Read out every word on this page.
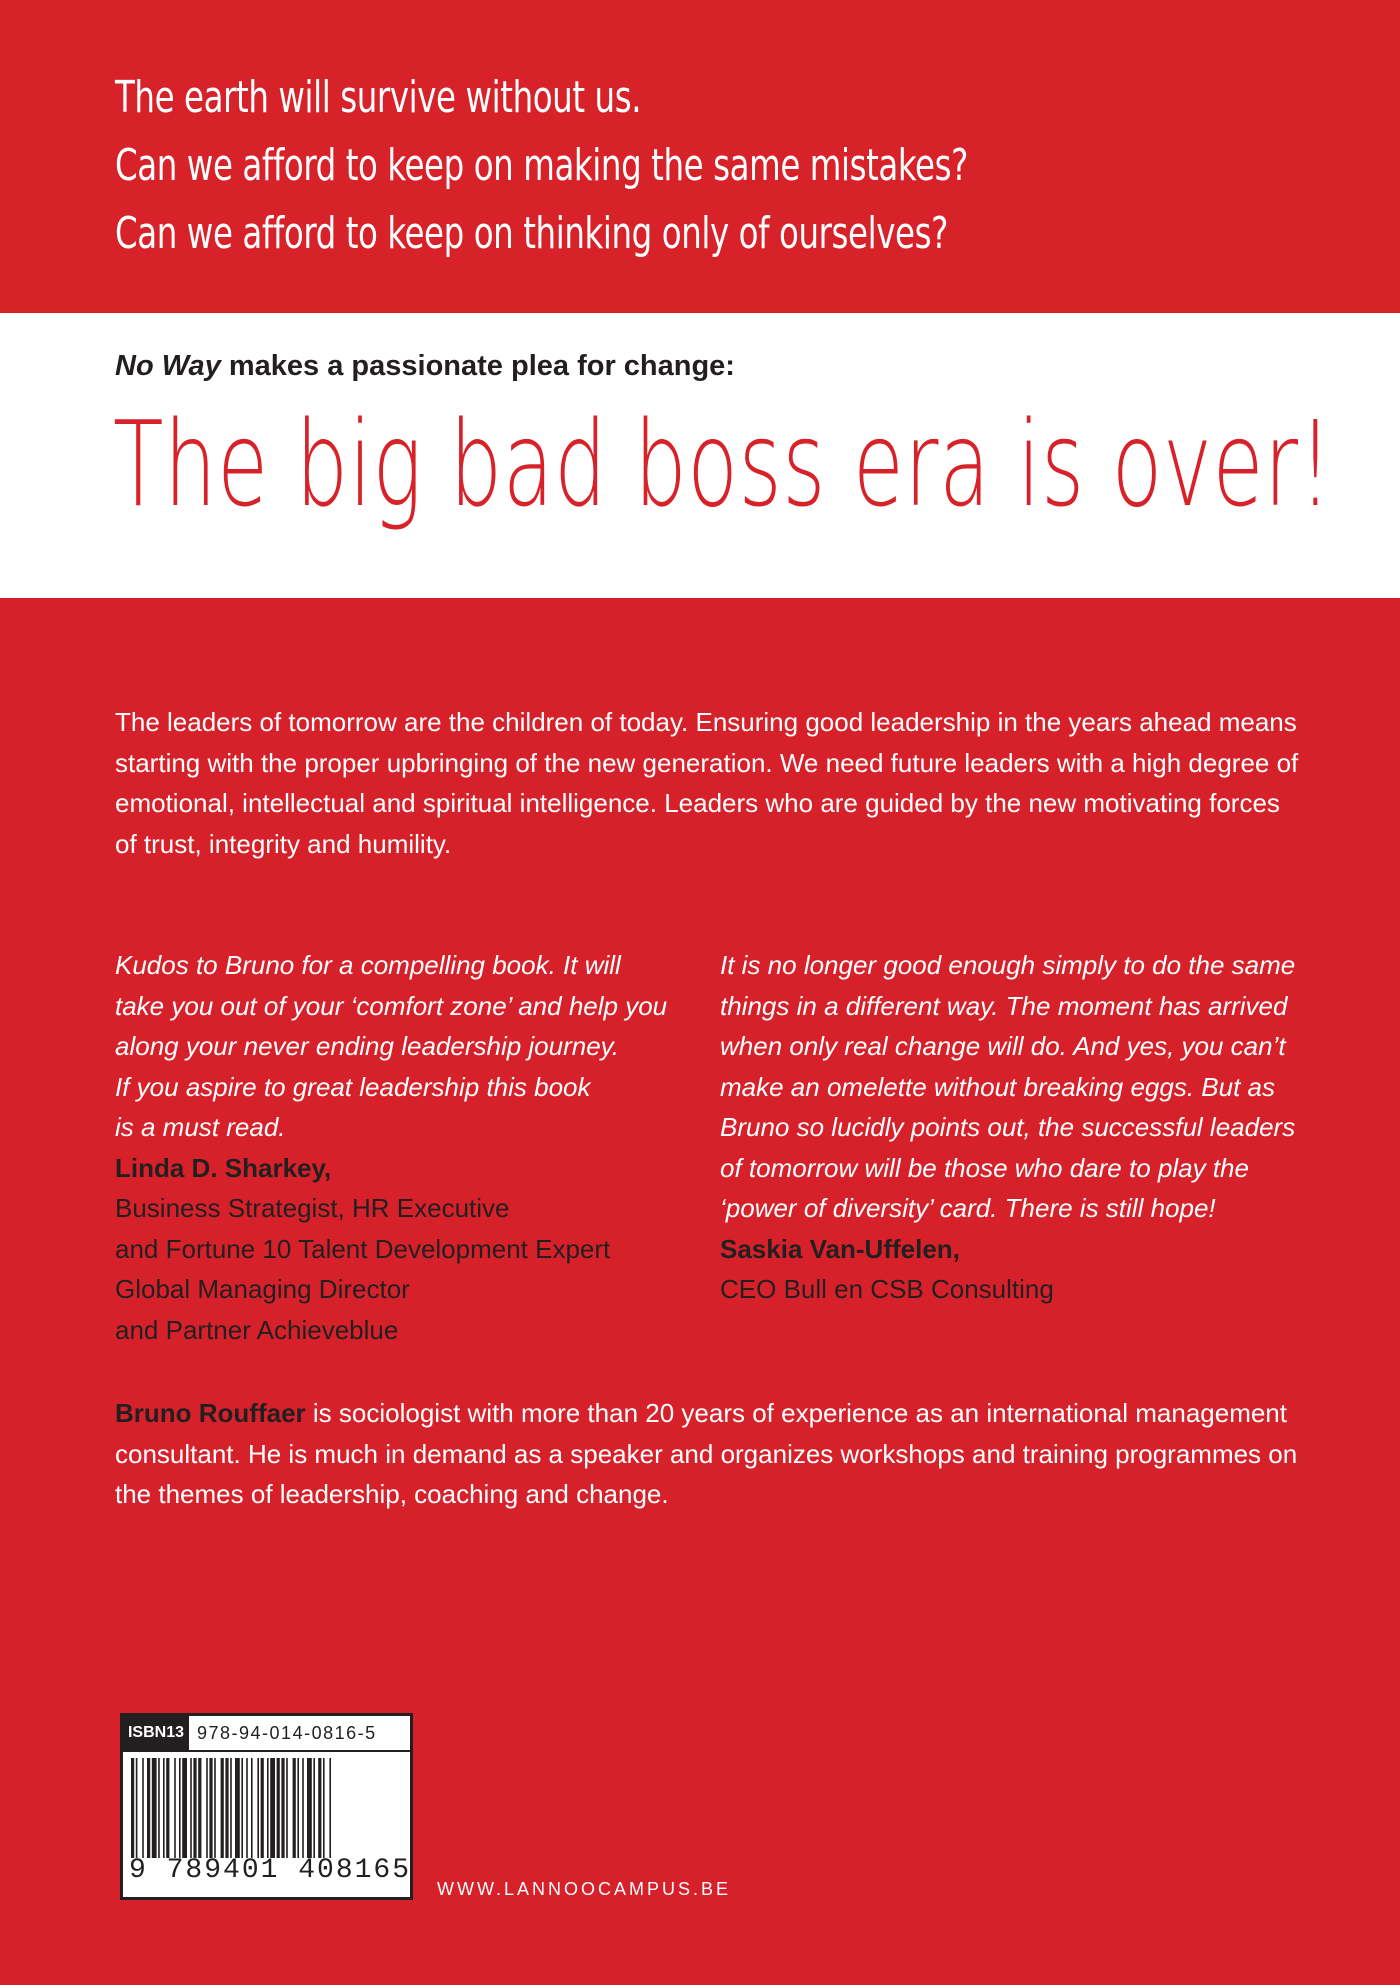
The earth will survive without us.
Can we afford to keep on making the same mistakes?
Can we afford to keep on thinking only of ourselves?
No Way makes a passionate plea for change:
The big bad boss era is over!
The leaders of tomorrow are the children of today. Ensuring good leadership in the years ahead means starting with the proper upbringing of the new generation. We need future leaders with a high degree of emotional, intellectual and spiritual intelligence. Leaders who are guided by the new motivating forces of trust, integrity and humility.
Kudos to Bruno for a compelling book. It will
take you out of your ‘comfort zone’ and help you
along your never ending leadership journey.
If you aspire to great leadership this book
is a must read.
Linda D. Sharkey,
Business Strategist, HR Executive
and Fortune 10 Talent Development Expert
Global Managing Director
and Partner Achieveblue
It is no longer good enough simply to do the same
things in a different way. The moment has arrived
when only real change will do. And yes, you can’t
make an omelette without breaking eggs. But as
Bruno so lucidly points out, the successful leaders
of tomorrow will be those who dare to play the
‘power of diversity’ card. There is still hope!
Saskia Van-Uffelen,
CEO Bull en CSB Consulting
Bruno Rouffaer is sociologist with more than 20 years of experience as an international management consultant. He is much in demand as a speaker and organizes workshops and training programmes on the themes of leadership, coaching and change.
ISBN13 978-94-014-0816-5
9 789401 408165
WWW.LANNOOCAMPUS.BE
